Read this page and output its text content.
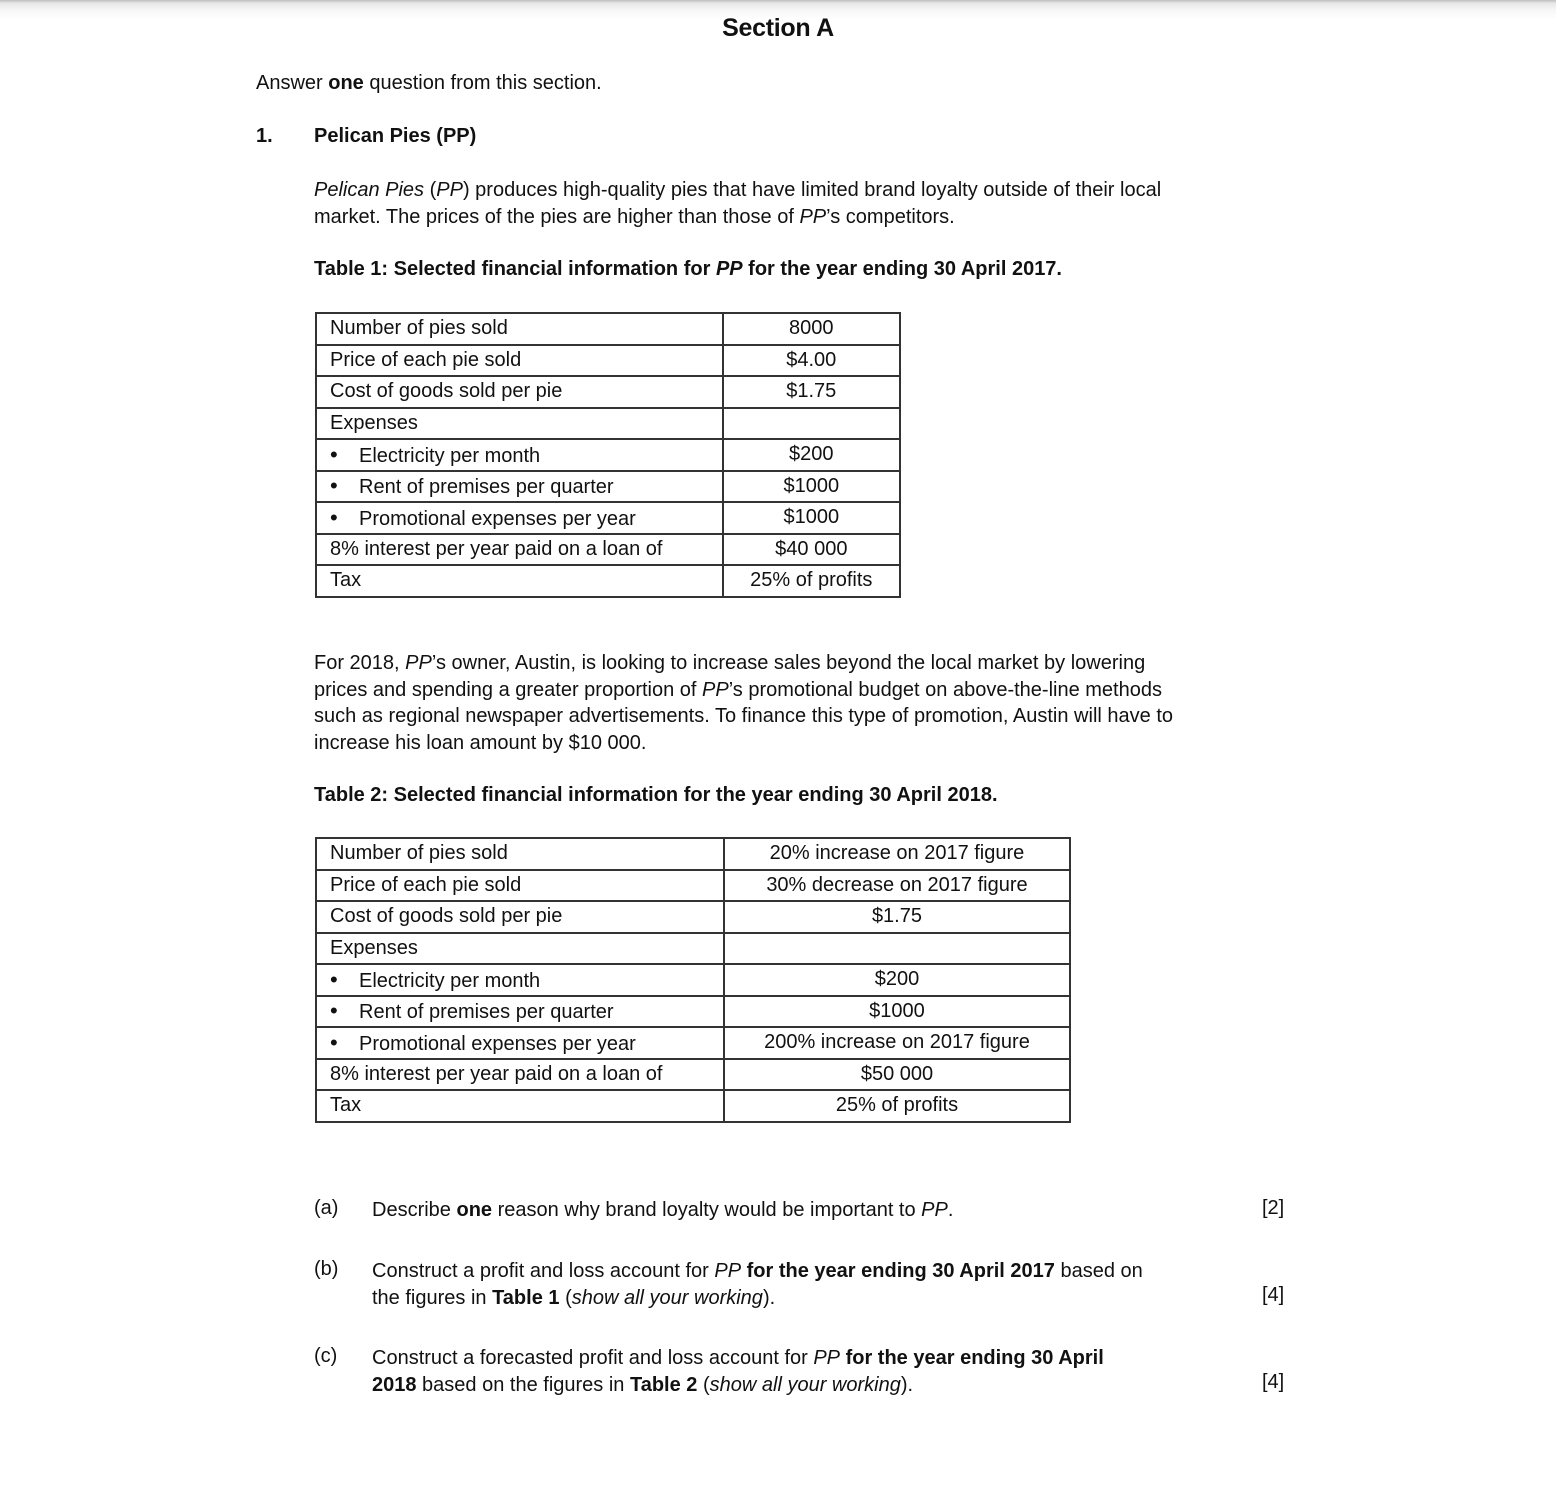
Section A
Answer one question from this section.
1. Pelican Pies (PP)
Pelican Pies (PP) produces high-quality pies that have limited brand loyalty outside of their local
market. The prices of the pies are higher than those of PP’s competitors.
Table 1: Selected financial information for PP for the year ending 30 April 2017.
Number of pies sold	8000
Price of each pie sold	$4.00
Cost of goods sold per pie	$1.75
Expenses	
•Electricity per month	$200
•Rent of premises per quarter	$1000
•Promotional expenses per year	$1000
8% interest per year paid on a loan of	$40 000
Tax	25% of profits
For 2018, PP’s owner, Austin, is looking to increase sales beyond the local market by lowering
prices and spending a greater proportion of PP’s promotional budget on above-the-line methods
such as regional newspaper advertisements. To finance this type of promotion, Austin will have to
increase his loan amount by $10 000.
Table 2: Selected financial information for the year ending 30 April 2018.
Number of pies sold	20% increase on 2017 figure
Price of each pie sold	30% decrease on 2017 figure
Cost of goods sold per pie	$1.75
Expenses	
•Electricity per month	$200
•Rent of premises per quarter	$1000
•Promotional expenses per year	200% increase on 2017 figure
8% interest per year paid on a loan of	$50 000
Tax	25% of profits
(a) Describe one reason why brand loyalty would be important to PP.	[2]
(b) Construct a profit and loss account for PP for the year ending 30 April 2017 based on
the figures in Table 1 (show all your working).	[4]
(c) Construct a forecasted profit and loss account for PP for the year ending 30 April
2018 based on the figures in Table 2 (show all your working).	[4]
